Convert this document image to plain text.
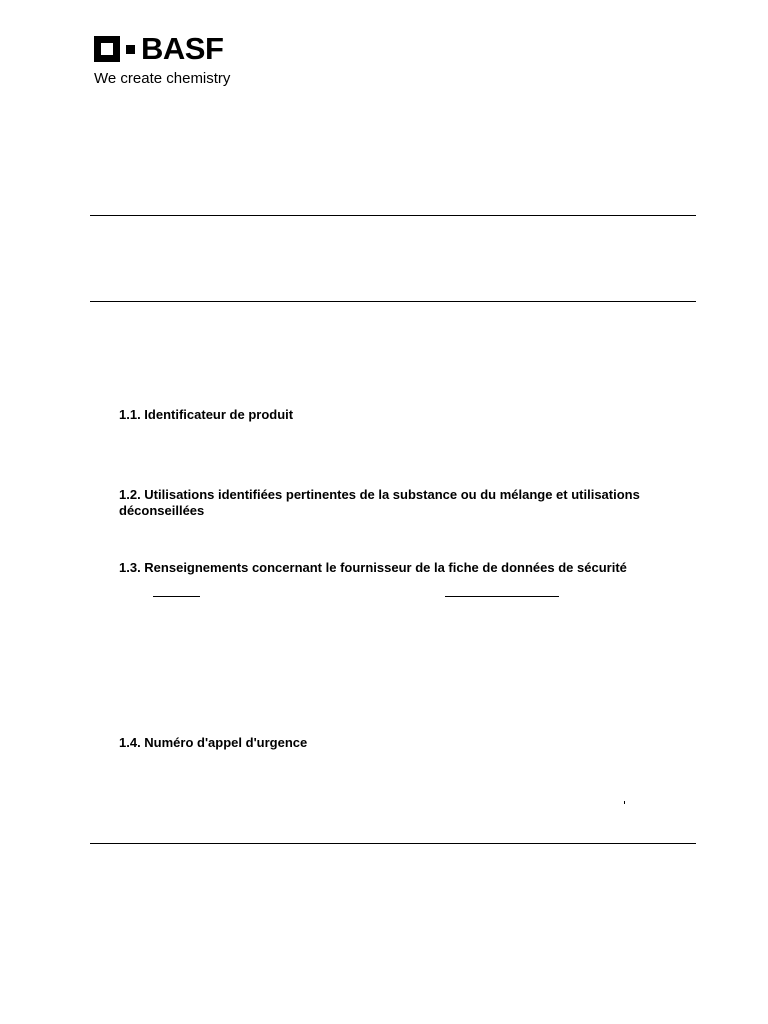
BASF
We create chemistry
1.1. Identificateur de produit
1.2. Utilisations identifiées pertinentes de la substance ou du mélange et utilisations déconseillées
1.3. Renseignements concernant le fournisseur de la fiche de données de sécurité
1.4. Numéro d'appel d'urgence
